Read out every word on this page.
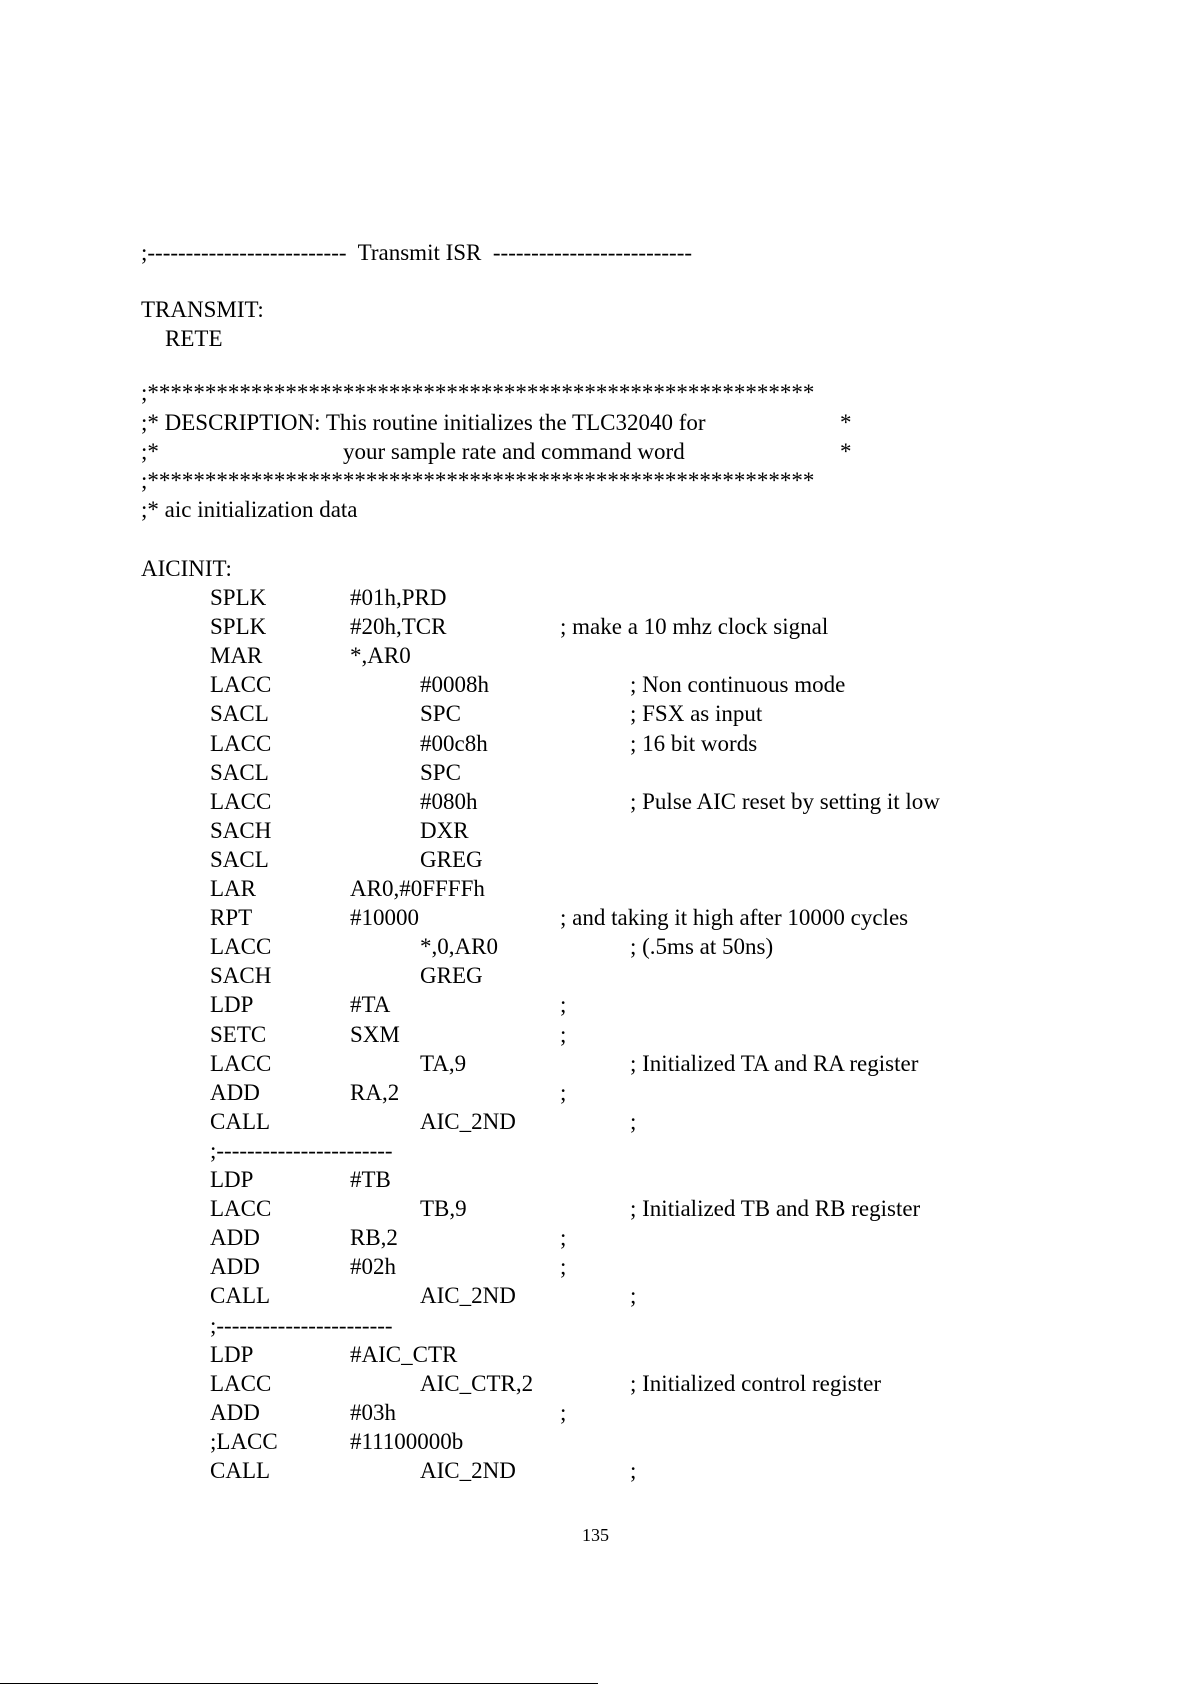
;--------------------------  Transmit ISR  --------------------------
TRANSMIT:
RETE
;**********************************************************
;* DESCRIPTION: This routine initializes the TLC32040 for	*
;*	your sample rate and command word	*
;**********************************************************
;* aic initialization data
AICINIT:
SPLK	#01h,PRD
SPLK	#20h,TCR	; make a 10 mhz clock signal
MAR	*,AR0
LACC	#0008h	; Non continuous mode
SACL	SPC	; FSX as input
LACC	#00c8h	; 16 bit words
SACL	SPC
LACC	#080h	; Pulse AIC reset by setting it low
SACH	DXR
SACL	GREG
LAR	AR0,#0FFFFh
RPT	#10000	; and taking it high after 10000 cycles
LACC	*,0,AR0	; (.5ms at 50ns)
SACH	GREG
LDP	#TA	;
SETC	SXM	;
LACC	TA,9	; Initialized TA and RA register
ADD	RA,2	;
CALL	AIC_2ND	;
;-----------------------
LDP	#TB
LACC	TB,9	; Initialized TB and RB register
ADD	RB,2	;
ADD	#02h	;
CALL	AIC_2ND	;
;-----------------------
LDP	#AIC_CTR
LACC	AIC_CTR,2	; Initialized control register
ADD	#03h	;
;LACC	#11100000b
CALL	AIC_2ND	;
135
